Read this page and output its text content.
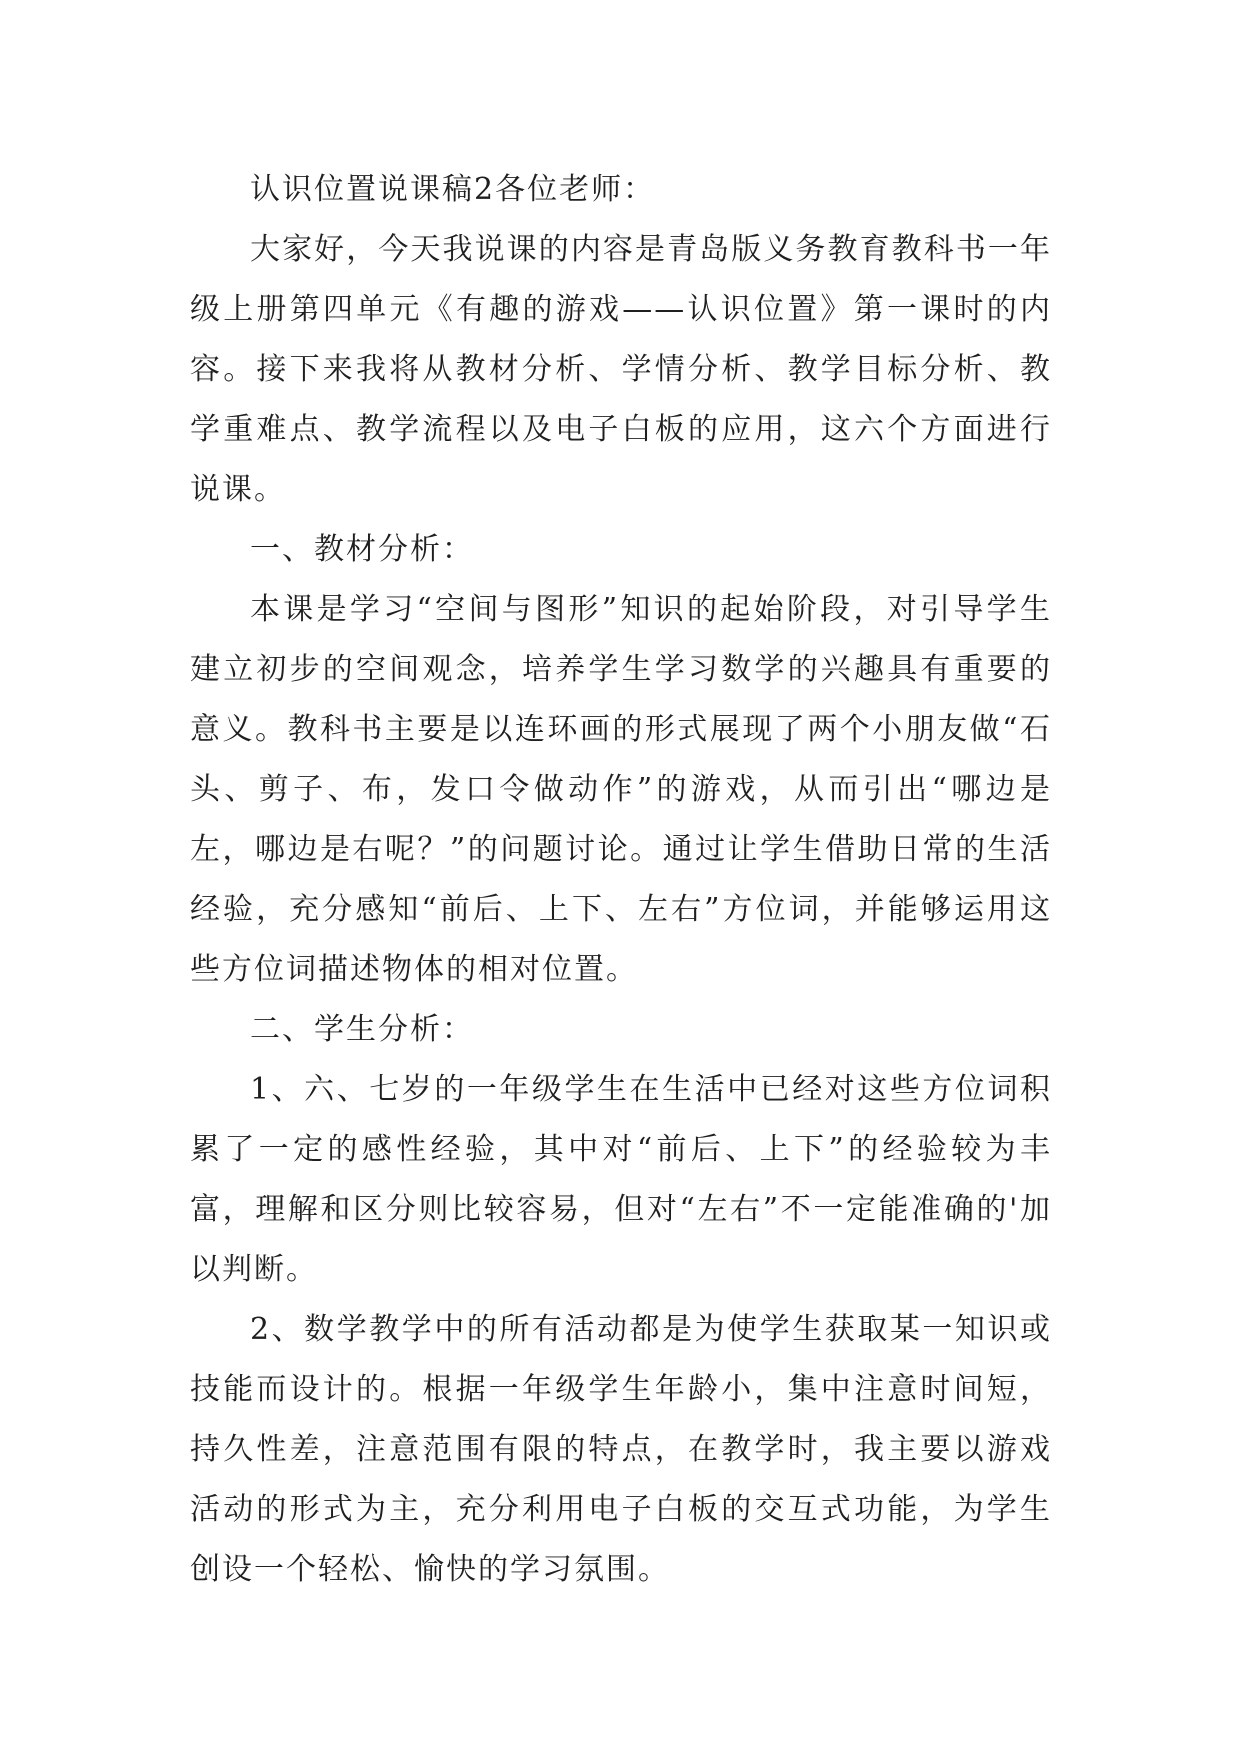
认识位置说课稿2各位老师：

大家好，今天我说课的内容是青岛版义务教育教科书一年级上册第四单元《有趣的游戏——认识位置》第一课时的内容。接下来我将从教材分析、学情分析、教学目标分析、教学重难点、教学流程以及电子白板的应用，这六个方面进行说课。

一、教材分析：

本课是学习“空间与图形”知识的起始阶段，对引导学生建立初步的空间观念，培养学生学习数学的兴趣具有重要的意义。教科书主要是以连环画的形式展现了两个小朋友做“石头、剪子、布，发口令做动作”的游戏，从而引出“哪边是左，哪边是右呢？”的问题讨论。通过让学生借助日常的生活经验，充分感知“前后、上下、左右”方位词，并能够运用这些方位词描述物体的相对位置。

二、学生分析：

1、六、七岁的一年级学生在生活中已经对这些方位词积累了一定的感性经验，其中对“前后、上下”的经验较为丰富，理解和区分则比较容易，但对“左右”不一定能准确的'加以判断。

2、数学教学中的所有活动都是为使学生获取某一知识或技能而设计的。根据一年级学生年龄小，集中注意时间短，持久性差，注意范围有限的特点，在教学时，我主要以游戏活动的形式为主，充分利用电子白板的交互式功能，为学生创设一个轻松、愉快的学习氛围。
